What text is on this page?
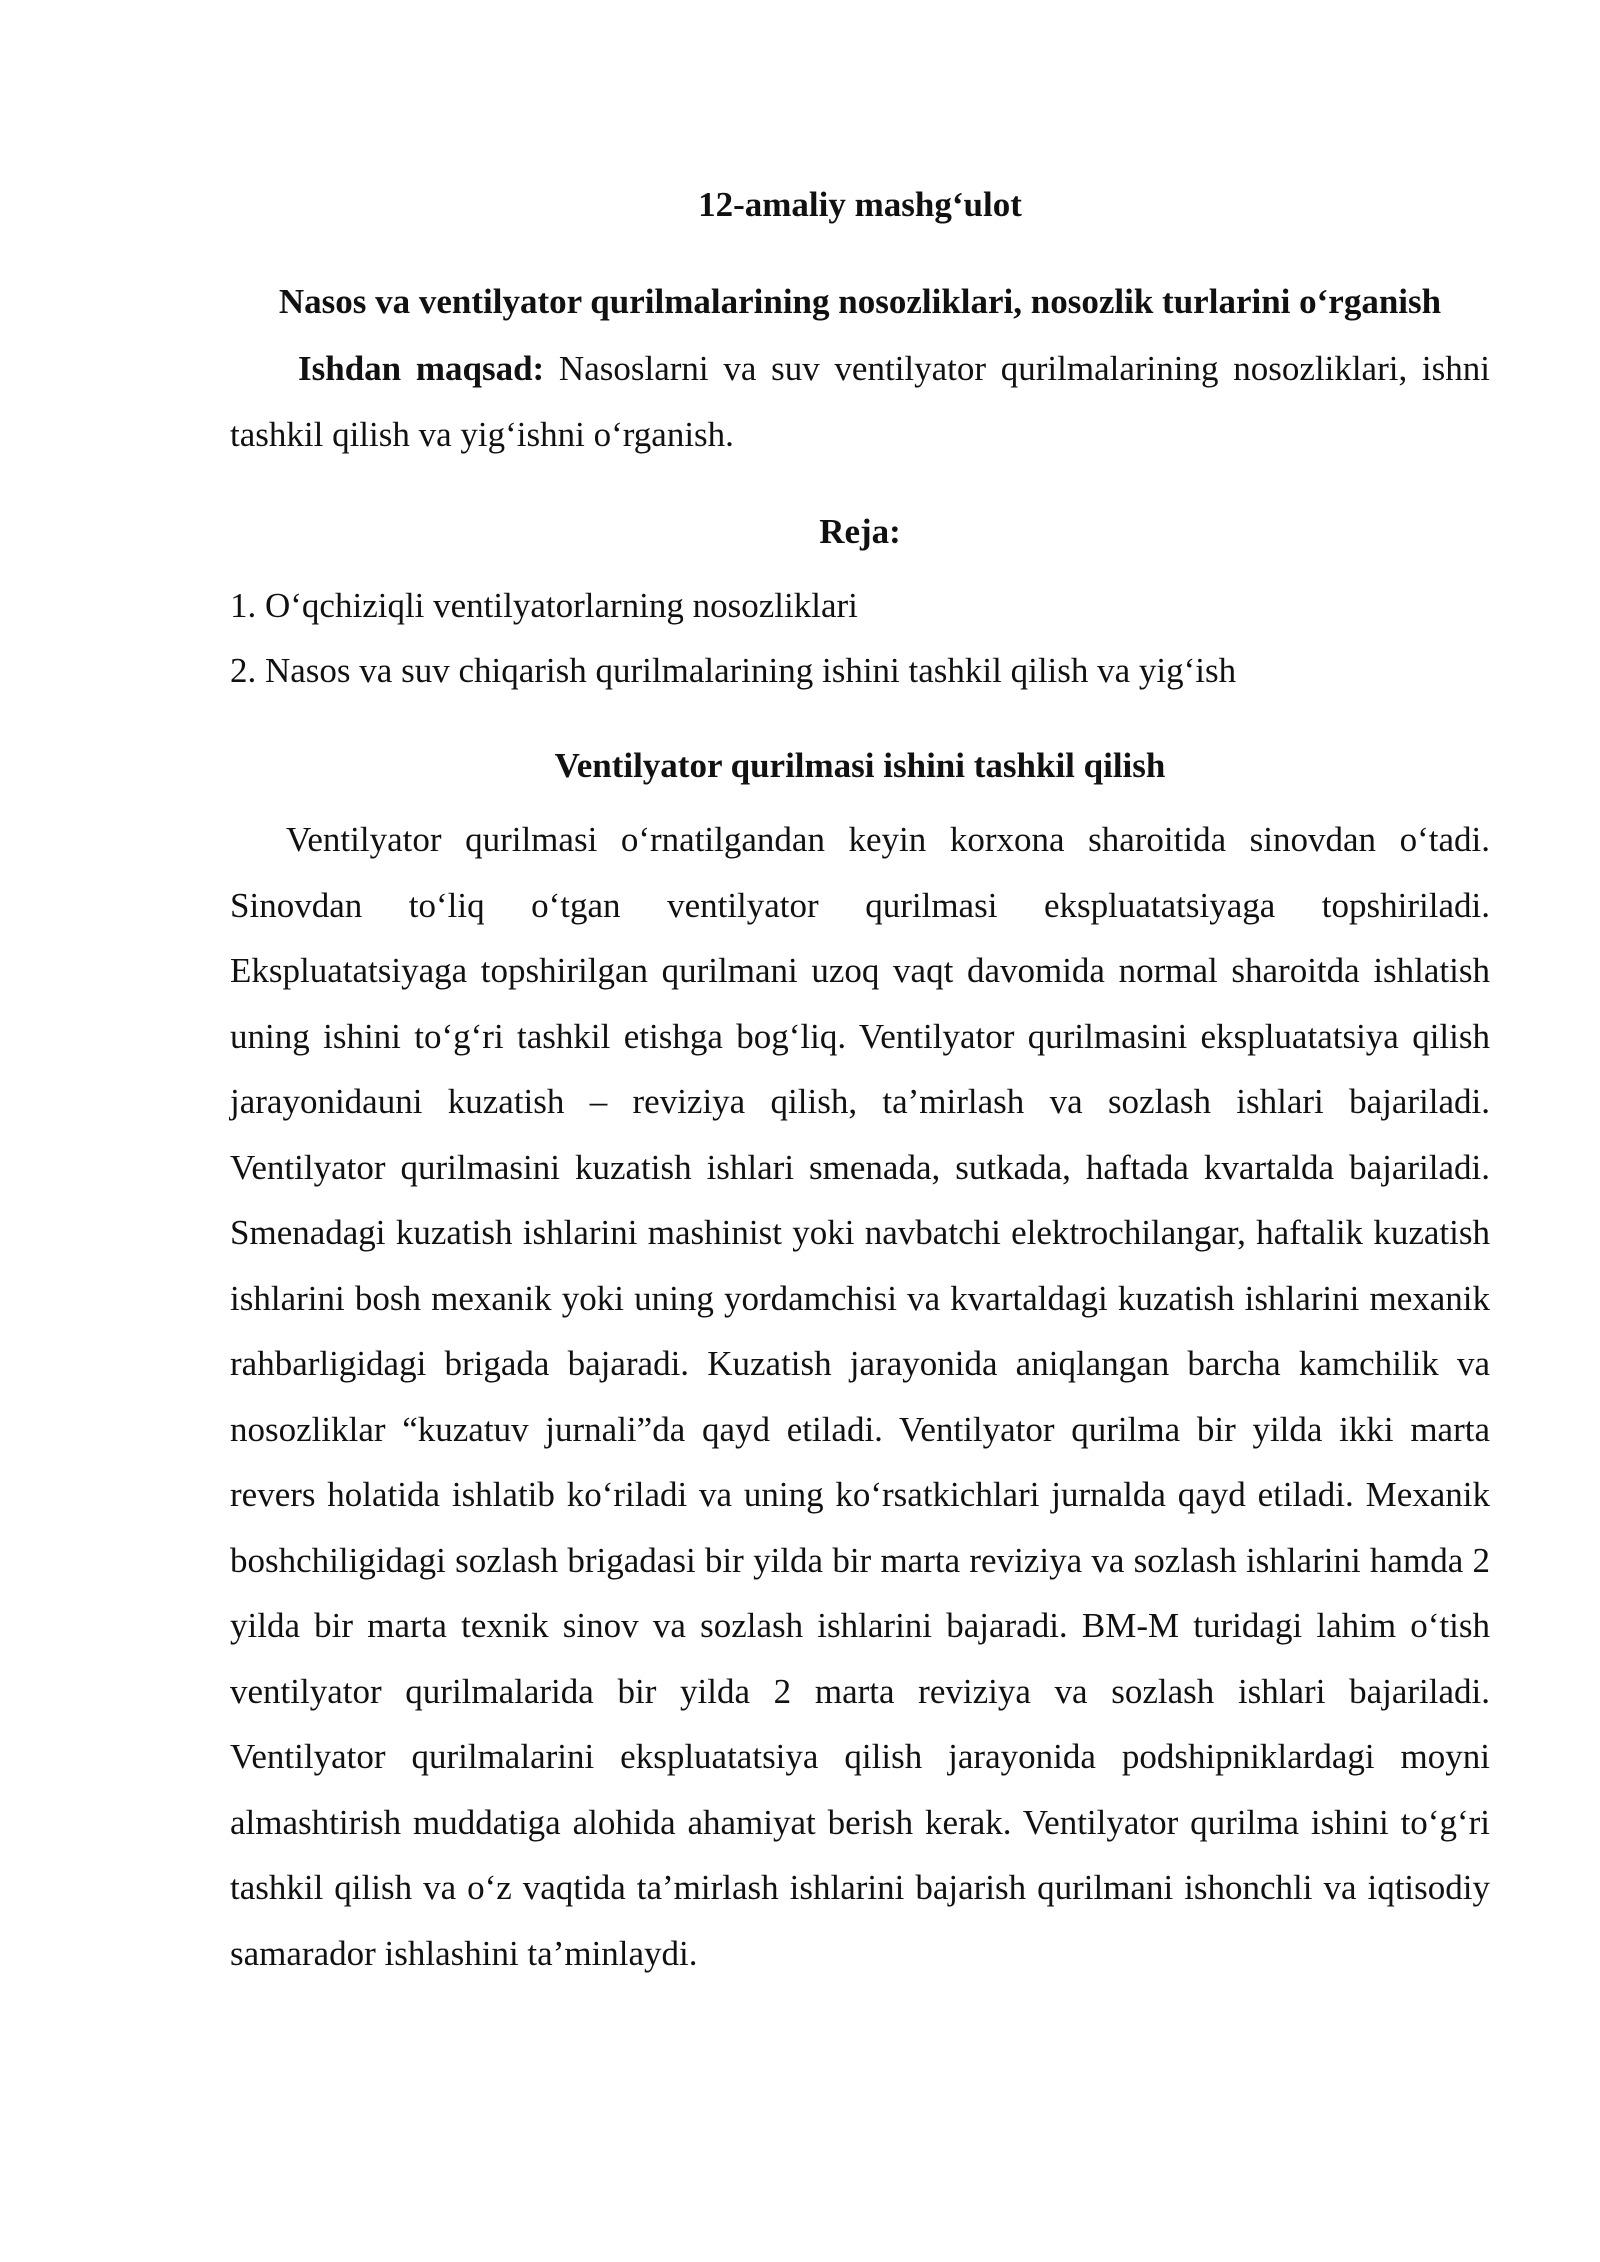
12-amaliy mashg‘ulot
Nasos va ventilyator qurilmalarining nosozliklari, nosozlik turlarini o‘rganish

Ishdan maqsad: Nasoslarni va suv ventilyator qurilmalarining nosozliklari, ishni tashkil qilish va yig‘ishni o‘rganish.

Reja:

1. O‘qchiziqli ventilyatorlarning nosozliklari

2. Nasos va suv chiqarish qurilmalarining ishini tashkil qilish va yig‘ish

Ventilyator qurilmasi ishini tashkil qilish

Ventilyator qurilmasi o‘rnatilgandan keyin korxona sharoitida sinovdan o‘tadi. Sinovdan to‘liq o‘tgan ventilyator qurilmasi ekspluatatsiyaga topshiriladi. Ekspluatatsiyaga topshirilgan qurilmani uzoq vaqt davomida normal sharoitda ishlatish uning ishini to‘g‘ri tashkil etishga bog‘liq. Ventilyator qurilmasini ekspluatatsiya qilish jarayonidauni kuzatish – reviziya qilish, ta’mirlash va sozlash ishlari bajariladi. Ventilyator qurilmasini kuzatish ishlari smenada, sutkada, haftada kvartalda bajariladi. Smenadagi kuzatish ishlarini mashinist yoki navbatchi elektrochilangar, haftalik kuzatish ishlarini bosh mexanik yoki uning yordamchisi va kvartaldagi kuzatish ishlarini mexanik rahbarligidagi brigada bajaradi. Kuzatish jarayonida aniqlangan barcha kamchilik va nosozliklar “kuzatuv jurnali”da qayd etiladi. Ventilyator qurilma bir yilda ikki marta revers holatida ishlatib ko‘riladi va uning ko‘rsatkichlari jurnalda qayd etiladi. Mexanik boshchiligidagi sozlash brigadasi bir yilda bir marta reviziya va sozlash ishlarini hamda 2 yilda bir marta texnik sinov va sozlash ishlarini bajaradi. BM-M turidagi lahim o‘tish ventilyator qurilmalarida bir yilda 2 marta reviziya va sozlash ishlari bajariladi. Ventilyator qurilmalarini ekspluatatsiya qilish jarayonida podshipniklardagi moyni almashtirish muddatiga alohida ahamiyat berish kerak. Ventilyator qurilma ishini to‘g‘ri tashkil qilish va o‘z vaqtida ta’mirlash ishlarini bajarish qurilmani ishonchli va iqtisodiy samarador ishlashini ta’minlaydi.
